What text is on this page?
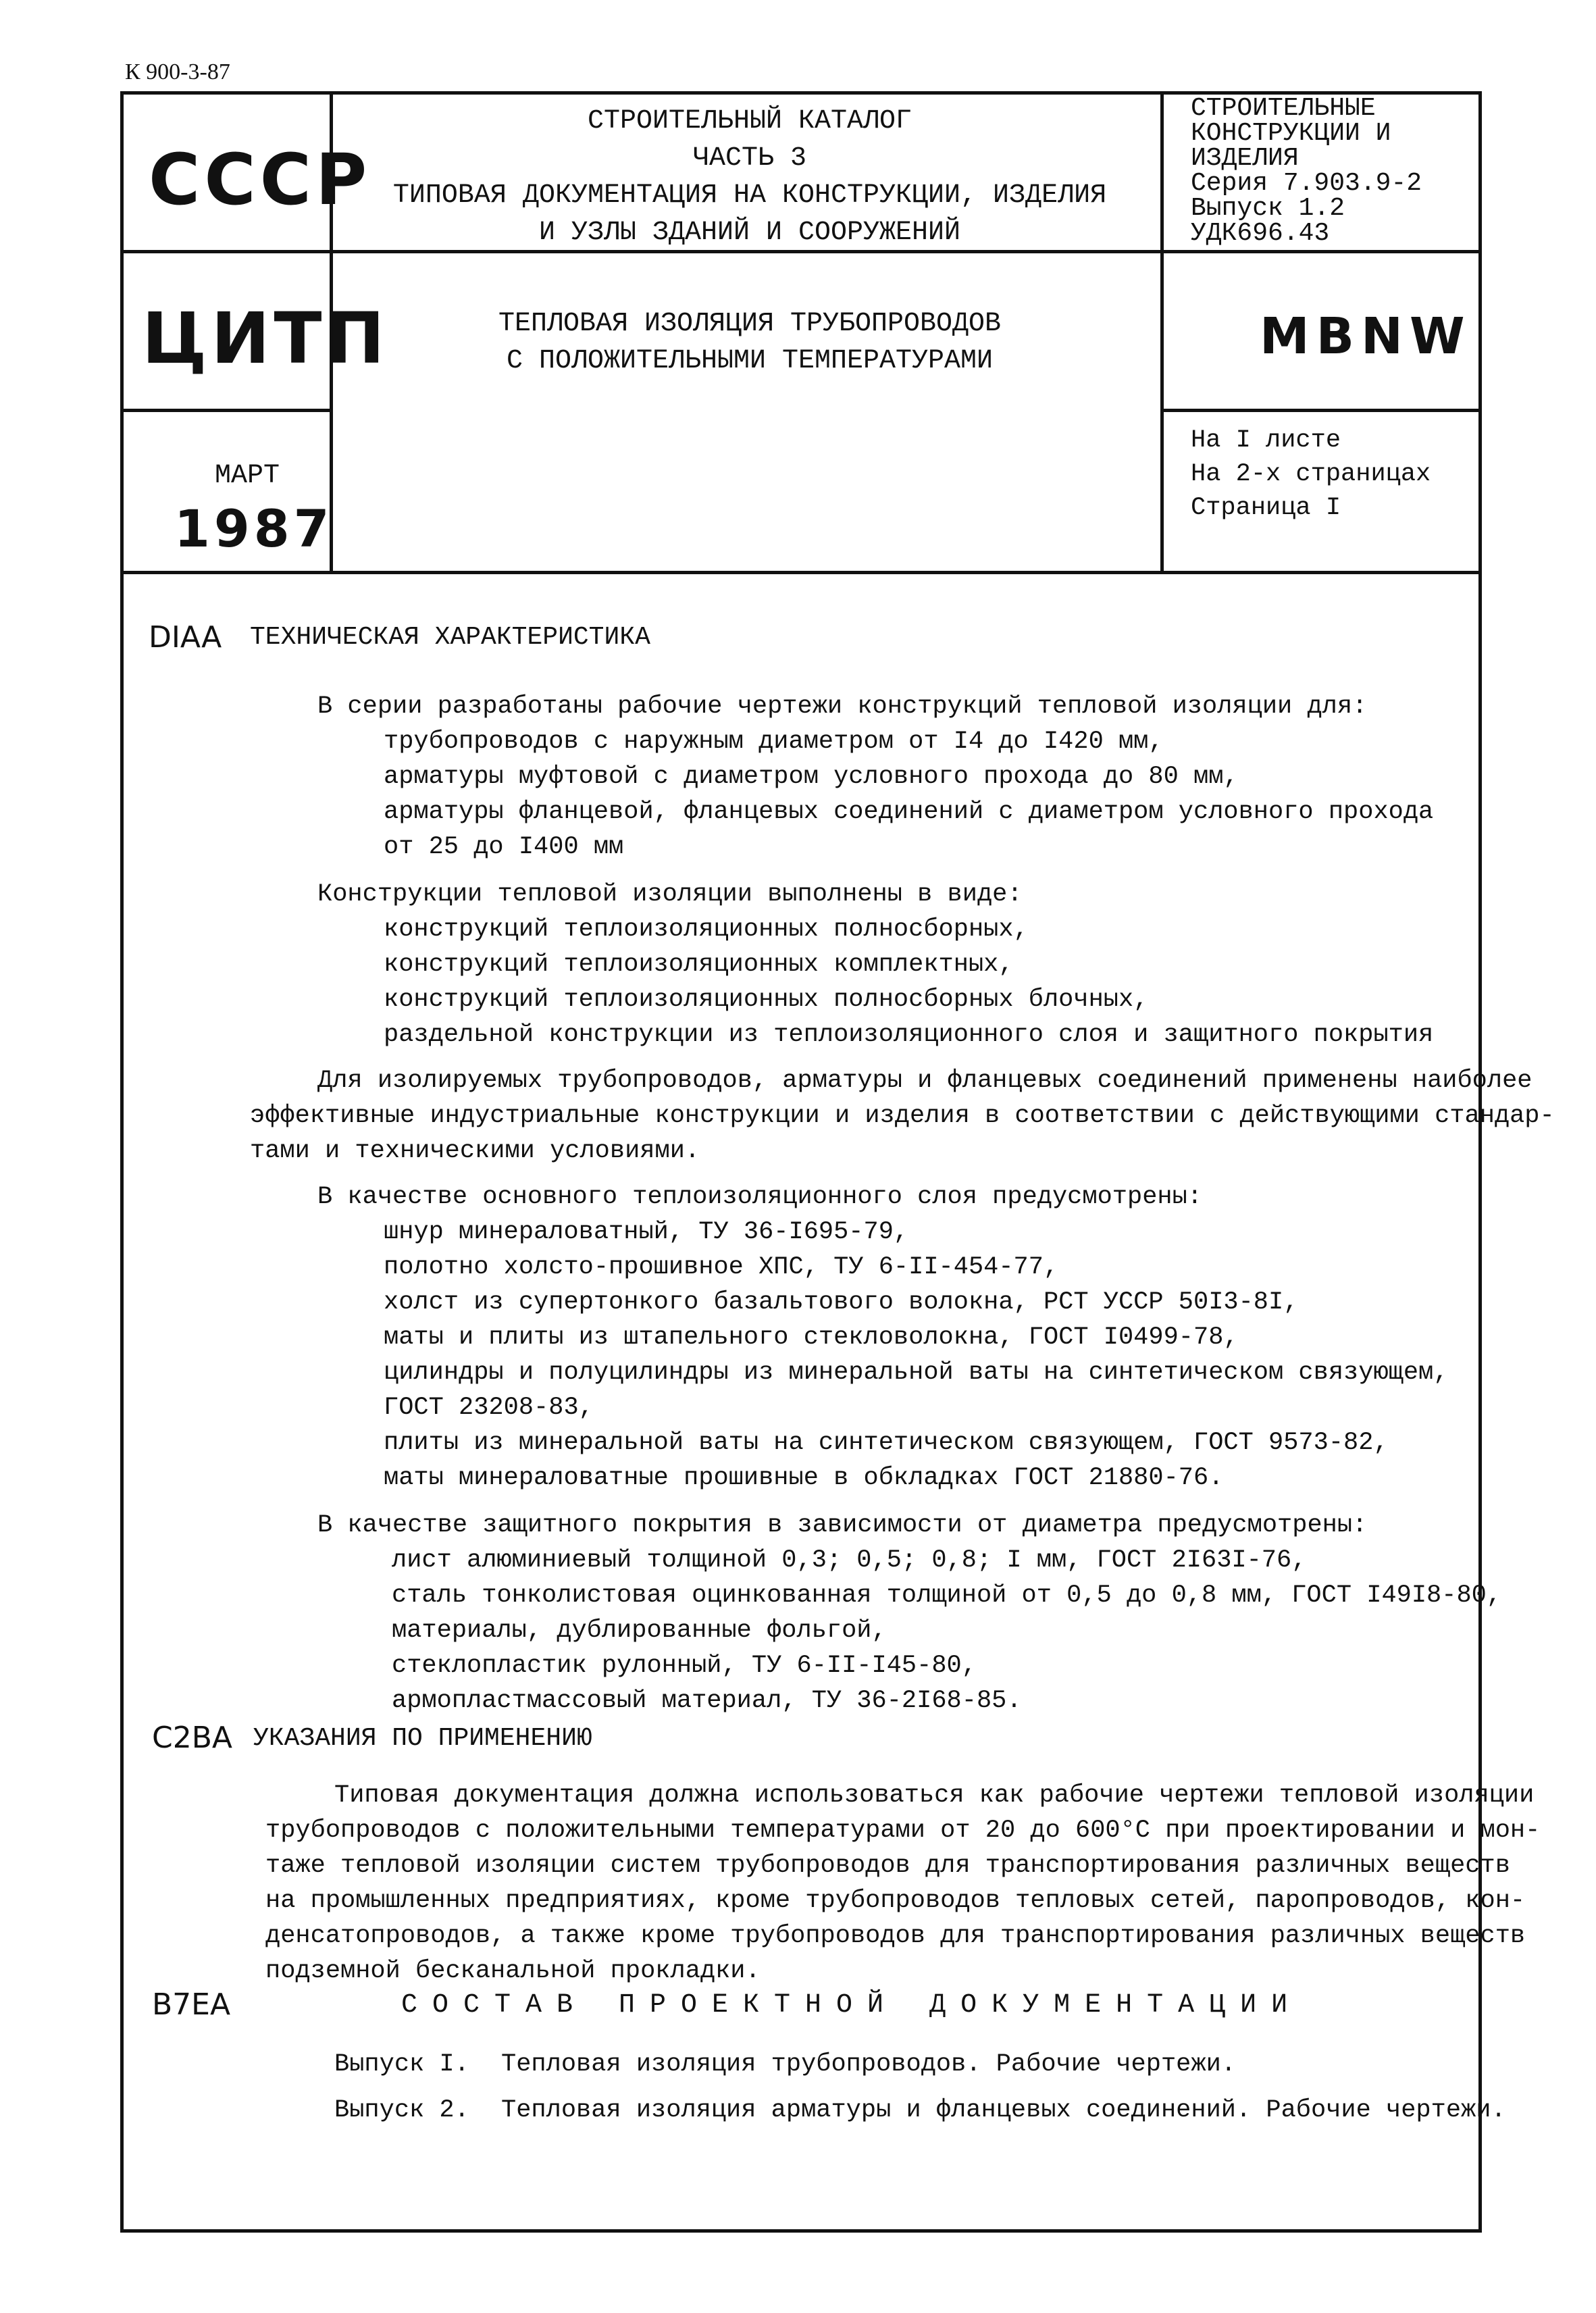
К 900-3-87
СССР
ЦИТП
МАРТ
1987
СТРОИТЕЛЬНЫЙ КАТАЛОГ
ЧАСТЬ 3
ТИПОВАЯ ДОКУМЕНТАЦИЯ НА КОНСТРУКЦИИ, ИЗДЕЛИЯ
И УЗЛЫ ЗДАНИЙ И СООРУЖЕНИЙ
ТЕПЛОВАЯ ИЗОЛЯЦИЯ ТРУБОПРОВОДОВ
С ПОЛОЖИТЕЛЬНЫМИ ТЕМПЕРАТУРАМИ
СТРОИТЕЛЬНЫЕ
КОНСТРУКЦИИ И
ИЗДЕЛИЯ
Серия 7.903.9-2
Выпуск 1.2
УДК696.43
MBNW
На I листе
На 2-х страницах
Страница I
DIAA ТЕХНИЧЕСКАЯ ХАРАКТЕРИСТИКА
В серии разработаны рабочие чертежи конструкций тепловой изоляции для:
трубопроводов с наружным диаметром от I4 до I420 мм,
арматуры муфтовой с диаметром условного прохода до 80 мм,
арматуры фланцевой, фланцевых соединений с диаметром условного прохода
от 25 до I400 мм
Конструкции тепловой изоляции выполнены в виде:
конструкций теплоизоляционных полносборных,
конструкций теплоизоляционных комплектных,
конструкций теплоизоляционных полносборных блочных,
раздельной конструкции из теплоизоляционного слоя и защитного покрытия
Для изолируемых трубопроводов, арматуры и фланцевых соединений применены наиболее
эффективные индустриальные конструкции и изделия в соответствии с действующими стандар-
тами и техническими условиями.
В качестве основного теплоизоляционного слоя предусмотрены:
шнур минераловатный, ТУ 36-I695-79,
полотно холсто-прошивное ХПС, ТУ 6-II-454-77,
холст из супертонкого базальтового волокна, РСТ УССР 50I3-8I,
маты и плиты из штапельного стекловолокна, ГОСТ I0499-78,
цилиндры и полуцилиндры из минеральной ваты на синтетическом связующем,
ГОСТ 23208-83,
плиты из минеральной ваты на синтетическом связующем, ГОСТ 9573-82,
маты минераловатные прошивные в обкладках ГОСТ 21880-76.
В качестве защитного покрытия в зависимости от диаметра предусмотрены:
лист алюминиевый толщиной 0,3; 0,5; 0,8; I мм, ГОСТ 2I63I-76,
сталь тонколистовая оцинкованная толщиной от 0,5 до 0,8 мм, ГОСТ I49I8-80,
материалы, дублированные фольгой,
стеклопластик рулонный, ТУ 6-II-I45-80,
армопластмассовый материал, ТУ 36-2I68-85.
C2BA УКАЗАНИЯ ПО ПРИМЕНЕНИЮ
Типовая документация должна использоваться как рабочие чертежи тепловой изоляции
трубопроводов с положительными температурами от 20 до 600°С при проектировании и мон-
таже тепловой изоляции систем трубопроводов для транспортирования различных веществ
на промышленных предприятиях, кроме трубопроводов тепловых сетей, паропроводов, кон-
денсатопроводов, а также кроме трубопроводов для транспортирования различных веществ
подземной бесканальной прокладки.
B7EA	СОСТАВ ПРОЕКТНОЙ ДОКУМЕНТАЦИИ
Выпуск I. Тепловая изоляция трубопроводов. Рабочие чертежи.
Выпуск 2. Тепловая изоляция арматуры и фланцевых соединений. Рабочие чертежи.
